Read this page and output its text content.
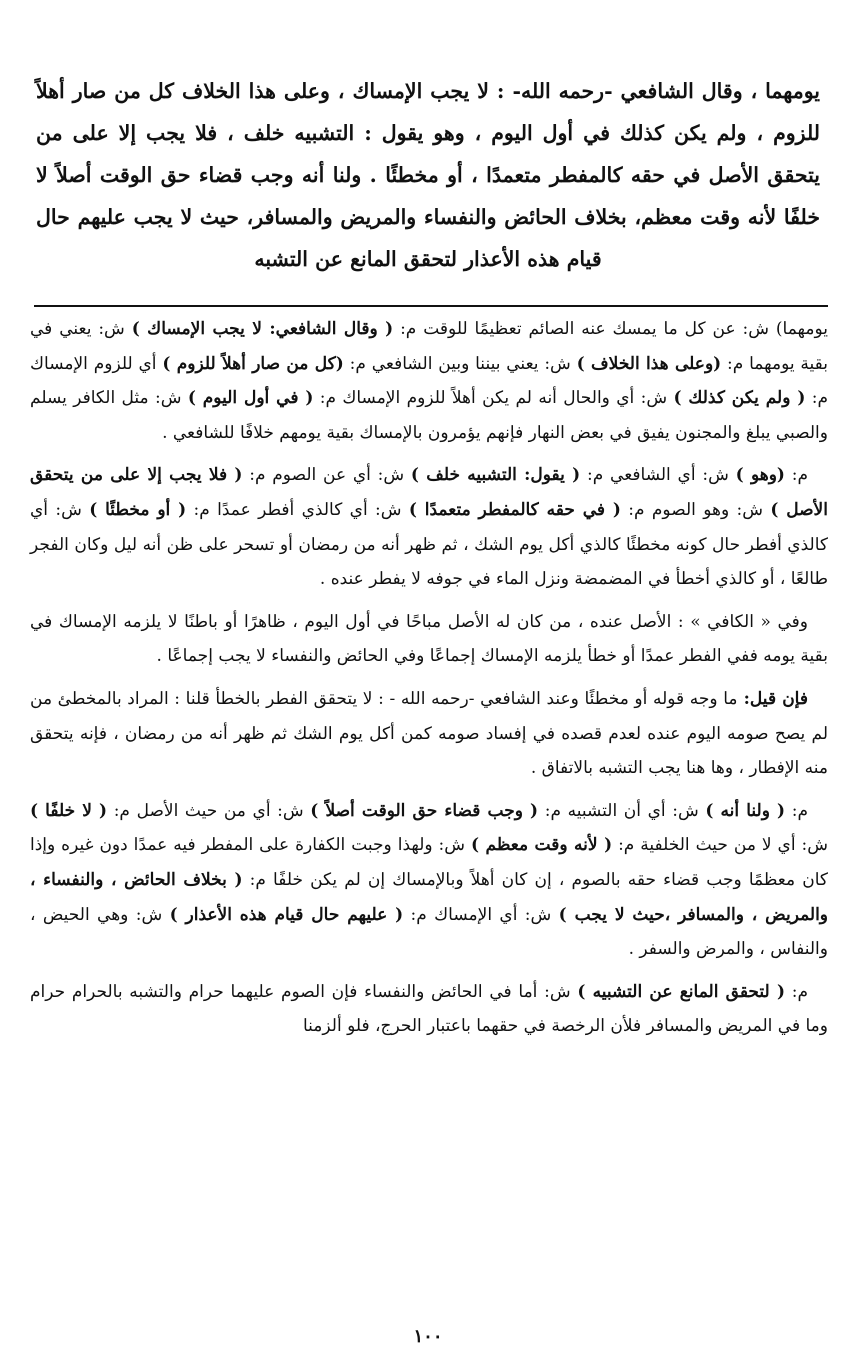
يومهما ، وقال الشافعي -رحمه الله- : لا يجب الإمساك ، وعلى هذا الخلاف كل من صار أهلاً للزوم ، ولم يكن كذلك في أول اليوم ، وهو يقول : التشبيه خلف ، فلا يجب إلا على من يتحقق الأصل في حقه كالمفطر متعمدًا ، أو مخطئًا . ولنا أنه وجب قضاء حق الوقت أصلاً لا خلفًا لأنه وقت معظم، بخلاف الحائض والنفساء والمريض والمسافر، حيث لا يجب عليهم حال قيام هذه الأعذار لتحقق المانع عن التشبه

يومهما) ش: عن كل ما يمسك عنه الصائم تعظيمًا للوقت م: ( وقال الشافعي: لا يجب الإمساك ) ش: يعني في بقية يومهما م: (وعلى هذا الخلاف ) ش: يعني بيننا وبين الشافعي م: (كل من صار أهلاً للزوم ) أي للزوم الإمساك م: ( ولم يكن كذلك ) ش: أي والحال أنه لم يكن أهلاً للزوم الإمساك م: ( في أول اليوم ) ش: مثل الكافر يسلم والصبي يبلغ والمجنون يفيق في بعض النهار فإنهم يؤمرون بالإمساك بقية يومهم خلافًا للشافعي .

م: (وهو ) ش: أي الشافعي م: ( يقول: التشبيه خلف ) ش: أي عن الصوم م: ( فلا يجب إلا على من يتحقق الأصل ) ش: وهو الصوم م: ( في حقه كالمفطر متعمدًا ) ش: أي كالذي أفطر عمدًا م: ( أو مخطئًا ) ش: أي كالذي أفطر حال كونه مخطئًا كالذي أكل يوم الشك ، ثم ظهر أنه من رمضان أو تسحر على ظن أنه ليل وكان الفجر طالعًا ، أو كالذي أخطأ في المضمضة ونزل الماء في جوفه لا يفطر عنده .

وفي « الكافي » : الأصل عنده ، من كان له الأصل مباحًا في أول اليوم ، ظاهرًا أو باطنًا لا يلزمه الإمساك في بقية يومه ففي الفطر عمدًا أو خطأ يلزمه الإمساك إجماعًا وفي الحائض والنفساء لا يجب إجماعًا .

فإن قيل: ما وجه قوله أو مخطئًا وعند الشافعي -رحمه الله - : لا يتحقق الفطر بالخطأ قلنا : المراد بالمخطئ من لم يصح صومه اليوم عنده لعدم قصده في إفساد صومه كمن أكل يوم الشك ثم ظهر أنه من رمضان ، فإنه يتحقق منه الإفطار ، وها هنا يجب التشبه بالاتفاق .

م: ( ولنا أنه ) ش: أي أن التشبيه م: ( وجب قضاء حق الوقت أصلاً ) ش: أي من حيث الأصل م: ( لا خلفًا ) ش: أي لا من حيث الخلفية م: ( لأنه وقت معظم ) ش: ولهذا وجبت الكفارة على المفطر فيه عمدًا دون غيره وإذا كان معظمًا وجب قضاء حقه بالصوم ، إن كان أهلاً وبالإمساك إن لم يكن خلفًا م: ( بخلاف الحائض ، والنفساء ، والمريض ، والمسافر ،حيث لا يجب ) ش: أي الإمساك م: ( عليهم حال قيام هذه الأعذار ) ش: وهي الحيض ، والنفاس ، والمرض والسفر .

م: ( لتحقق المانع عن التشبيه ) ش: أما في الحائض والنفساء فإن الصوم عليهما حرام والتشبه بالحرام حرام وما في المريض والمسافر فلأن الرخصة في حقهما باعتبار الحرج، فلو ألزمنا

١٠٠
